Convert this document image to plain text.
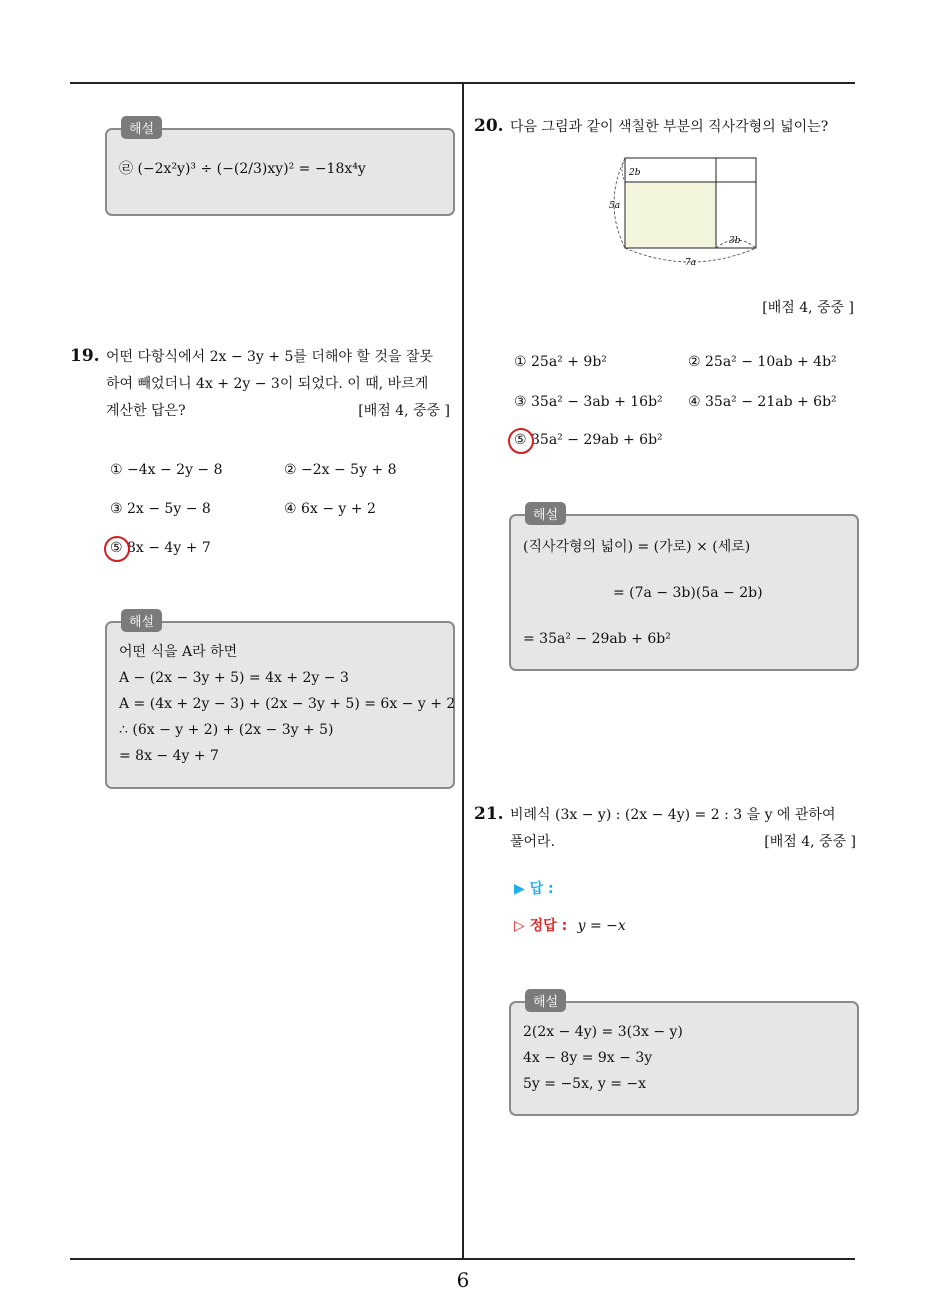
해설
㉣ (−2x²y)³ ÷ (−(2/3)xy)² = −18x⁴y
19. 어떤 다항식에서 2x − 3y + 5를 더해야 할 것을 잘못
하여 빼었더니 4x + 2y − 3이 되었다. 이 때, 바르게
계산한 답은?	[배점 4, 중중 ]
① −4x − 2y − 8	② −2x − 5y + 8
③ 2x − 5y − 8	④ 6x − y + 2
⑤ 8x − 4y + 7
해설
어떤 식을 A라 하면
A − (2x − 3y + 5) = 4x + 2y − 3
A = (4x + 2y − 3) + (2x − 3y + 5) = 6x − y + 2
∴ (6x − y + 2) + (2x − 3y + 5)
= 8x − 4y + 7
20. 다음 그림과 같이 색칠한 부분의 직사각형의 넓이는?
2b
5a
3b
7a
[배점 4, 중중 ]
① 25a² + 9b²	② 25a² − 10ab + 4b²
③ 35a² − 3ab + 16b² ④ 35a² − 21ab + 6b²
⑤ 35a² − 29ab + 6b²
해설
(직사각형의 넓이) = (가로) × (세로)
= (7a − 3b)(5a − 2b)
= 35a² − 29ab + 6b²
21. 비례식 (3x − y) : (2x − 4y) = 2 : 3 을 y 에 관하여
풀어라.	[배점 4, 중중 ]
▶ 답 :
▷ 정답 : y = −x
해설
2(2x − 4y) = 3(3x − y)
4x − 8y = 9x − 3y
5y = −5x, y = −x
6
